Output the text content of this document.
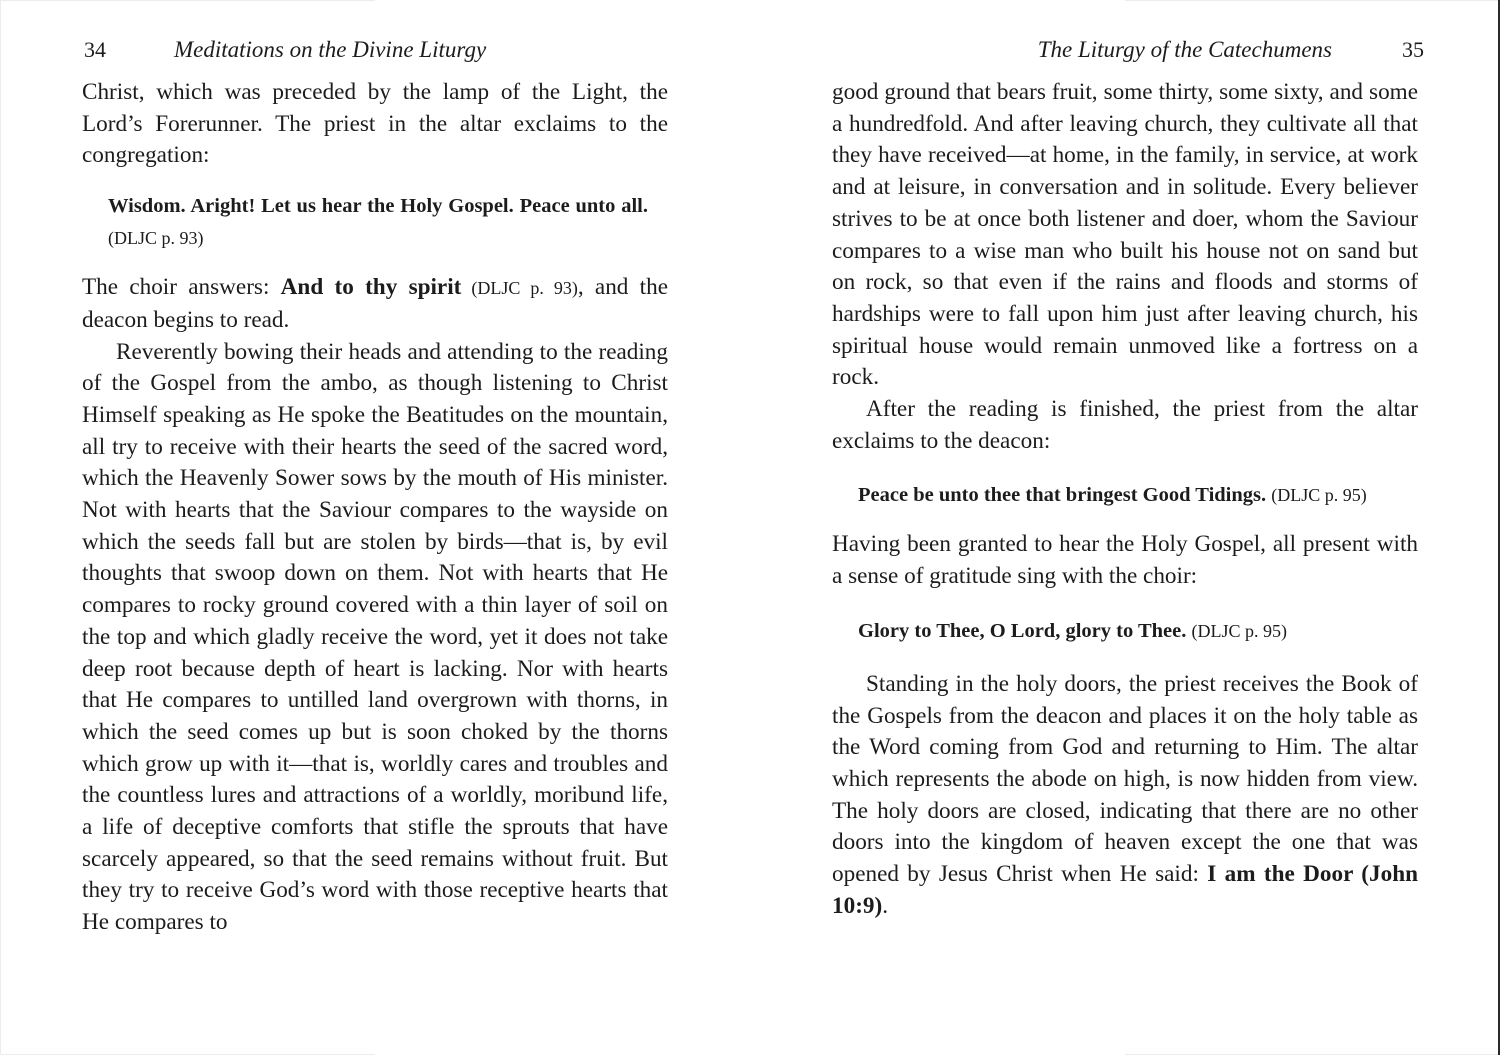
34	Meditations on the Divine Liturgy

Christ, which was preceded by the lamp of the Light, the Lord’s Forerunner. The priest in the altar exclaims to the congregation:

Wisdom. Aright! Let us hear the Holy Gospel. Peace unto all. (DLJC p. 93)

The choir answers: And to thy spirit (DLJC p. 93), and the deacon begins to read.

Reverently bowing their heads and attending to the reading of the Gospel from the ambo, as though listening to Christ Himself speaking as He spoke the Beatitudes on the mountain, all try to receive with their hearts the seed of the sacred word, which the Heavenly Sower sows by the mouth of His minister. Not with hearts that the Saviour compares to the wayside on which the seeds fall but are stolen by birds—that is, by evil thoughts that swoop down on them. Not with hearts that He compares to rocky ground covered with a thin layer of soil on the top and which gladly receive the word, yet it does not take deep root because depth of heart is lacking. Nor with hearts that He compares to untilled land overgrown with thorns, in which the seed comes up but is soon choked by the thorns which grow up with it—that is, worldly cares and troubles and the countless lures and attractions of a worldly, moribund life, a life of deceptive comforts that stifle the sprouts that have scarcely appeared, so that the seed remains without fruit. But they try to receive God’s word with those receptive hearts that He compares to

The Liturgy of the Catechumens	35

good ground that bears fruit, some thirty, some sixty, and some a hundredfold. And after leaving church, they cultivate all that they have received—at home, in the family, in service, at work and at leisure, in conversation and in solitude. Every believer strives to be at once both listener and doer, whom the Saviour compares to a wise man who built his house not on sand but on rock, so that even if the rains and floods and storms of hardships were to fall upon him just after leaving church, his spiritual house would remain unmoved like a fortress on a rock.

After the reading is finished, the priest from the altar exclaims to the deacon:

Peace be unto thee that bringest Good Tidings. (DLJC p. 95)

Having been granted to hear the Holy Gospel, all present with a sense of gratitude sing with the choir:

Glory to Thee, O Lord, glory to Thee. (DLJC p. 95)

Standing in the holy doors, the priest receives the Book of the Gospels from the deacon and places it on the holy table as the Word coming from God and returning to Him. The altar which represents the abode on high, is now hidden from view. The holy doors are closed, indicating that there are no other doors into the kingdom of heaven except the one that was opened by Jesus Christ when He said: I am the Door (John 10:9).
